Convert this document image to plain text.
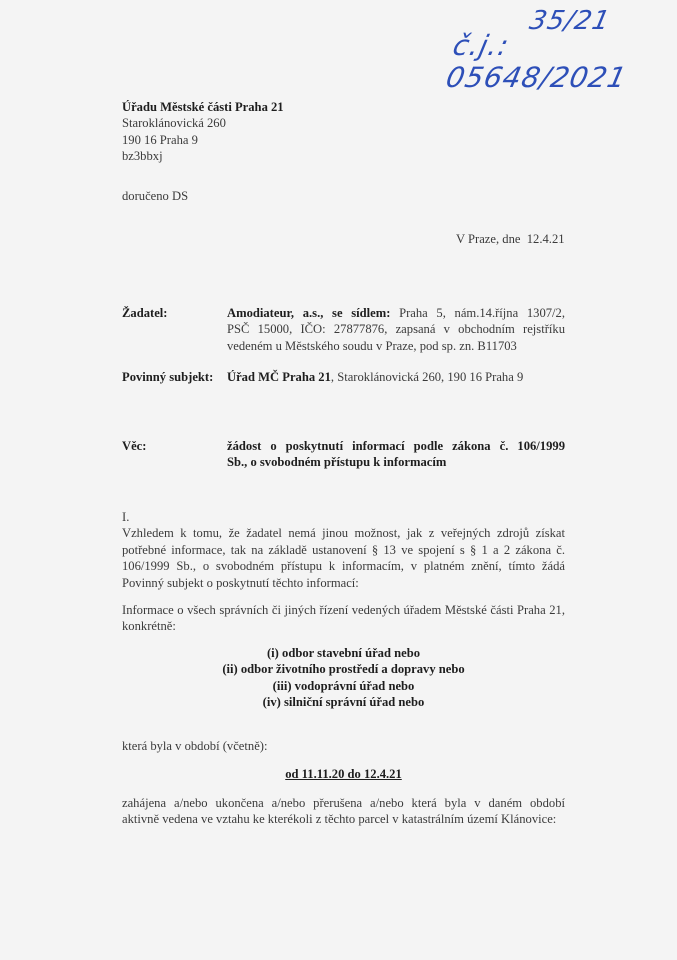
35/21
č.j.: 05648/2021
Úřadu Městské části Praha 21
Staroklánovická 260
190 16 Praha 9
bz3bbxj
doručeno DS
V Praze, dne  12.4.21
Žadatel:	Amodiateur, a.s., se sídlem: Praha 5, nám.14.října 1307/2,
PSČ 15000, IČO: 27877876, zapsaná v obchodním rejstříku
vedeném u Městského soudu v Praze, pod sp. zn. B11703
Povinný subjekt: Úřad MČ Praha 21, Staroklánovická 260, 190 16 Praha 9
Věc:	žádost o poskytnutí informací podle zákona č. 106/1999
Sb., o svobodném přístupu k informacím
I.
Vzhledem k tomu, že žadatel nemá jinou možnost, jak z veřejných zdrojů získat
potřebné informace, tak na základě ustanovení § 13 ve spojení s § 1 a 2 zákona č.
106/1999 Sb., o svobodném přístupu k informacím, v platném znění, tímto žádá
Povinný subjekt o poskytnutí těchto informací:
Informace o všech správních či jiných řízení vedených úřadem Městské části Praha 21,
konkrétně:
(i) odbor stavební úřad nebo
(ii) odbor životního prostředí a dopravy nebo
(iii) vodoprávní úřad nebo
(iv) silniční správní úřad nebo
která byla v období (včetně):
od 11.11.20 do 12.4.21
zahájena a/nebo ukončena a/nebo přerušena a/nebo která byla v daném období
aktivně vedena ve vztahu ke kterékoli z těchto parcel v katastrálním území Klánovice:
